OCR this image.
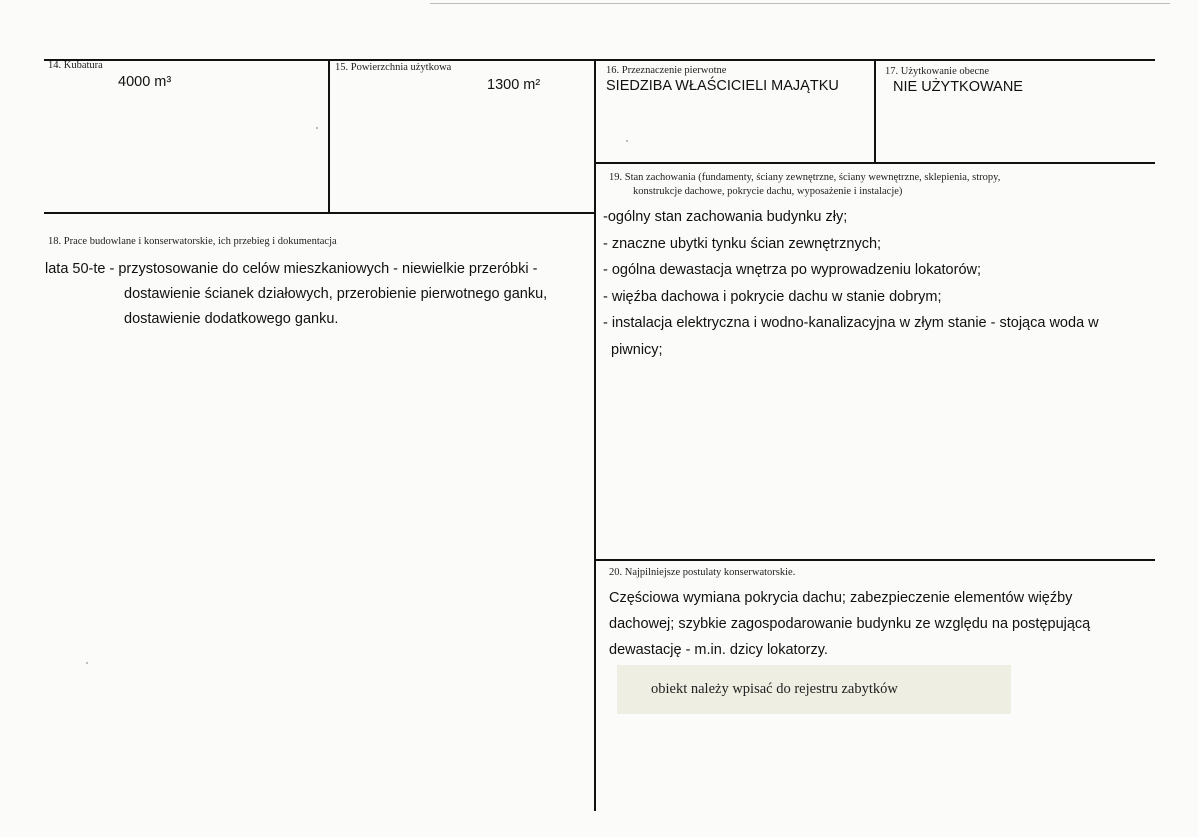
14. Kubatura
4000 m³
15. Powierzchnia użytkowa
1300 m²
16. Przeznaczenie pierwotne
SIEDZIBA WŁAŚCICIELI MAJĄTKU
17. Użytkowanie obecne
NIE UŻYTKOWANE
19. Stan zachowania (fundamenty, ściany zewnętrzne, ściany wewnętrzne, sklepienia, stropy,
konstrukcje dachowe, pokrycie dachu, wyposażenie i instalacje)
-ogólny stan zachowania budynku zły;
- znaczne ubytki tynku ścian zewnętrznych;
- ogólna dewastacja wnętrza po wyprowadzeniu lokatorów;
- więźba dachowa i pokrycie dachu w stanie dobrym;
- instalacja elektryczna i wodno-kanalizacyjna w złym stanie - stojąca woda w
piwnicy;
18. Prace budowlane i konserwatorskie, ich przebieg i dokumentacja
lata 50-te - przystosowanie do celów mieszkaniowych - niewielkie przeróbki -
dostawienie ścianek działowych, przerobienie pierwotnego ganku,
dostawienie dodatkowego ganku.
20. Najpilniejsze postulaty konserwatorskie.
Częściowa wymiana pokrycia dachu; zabezpieczenie elementów więźby
dachowej; szybkie zagospodarowanie budynku ze względu na postępującą
dewastację - m.in. dzicy lokatorzy.
obiekt należy wpisać do rejestru zabytków
